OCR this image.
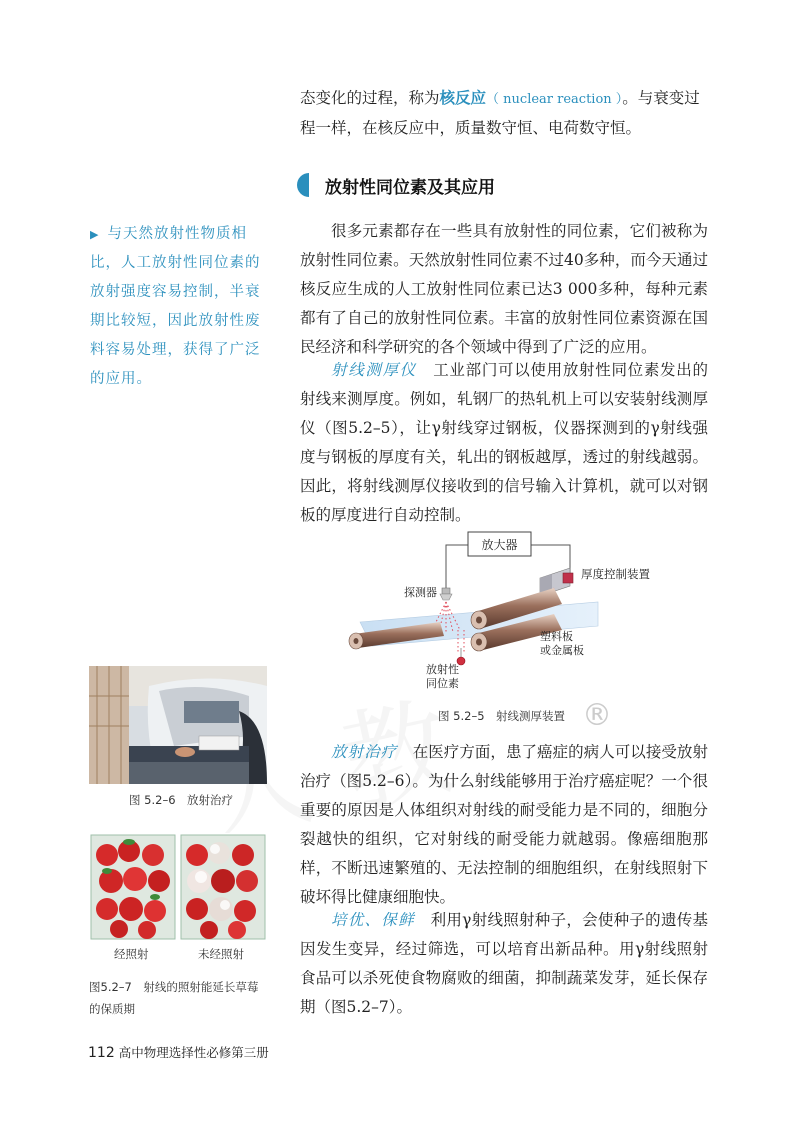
®

态变化的过程，称为核反应（ nuclear reaction ）。与衰变过

程一样，在核反应中，质量数守恒、电荷数守恒。

放射性同位素及其应用
▶ 与天然放射性物质相比，人工放射性同位素的放射强度容易控制，半衰期比较短，因此放射性废料容易处理，获得了广泛的应用。

很多元素都存在一些具有放射性的同位素，它们被称为放射性同位素。天然放射性同位素不过40多种，而今天通过核反应生成的人工放射性同位素已达3 000多种，每种元素都有了自己的放射性同位素。丰富的放射性同位素资源在国民经济和科学研究的各个领域中得到了广泛的应用。

射线测厚仪　 工业部门可以使用放射性同位素发出的射线来测厚度。例如，轧钢厂的热轧机上可以安装射线测厚仪（图5.2–5），让γ射线穿过钢板，仪器探测到的γ射线强度与钢板的厚度有关，轧出的钢板越厚，透过的射线越弱。因此，将射线测厚仪接收到的信号输入计算机，就可以对钢板的厚度进行自动控制。

放大器
厚度控制装置
探测器
塑料板
或金属板
放射性
同位素
图 5.2–5　射线测厚装置
图 5.2–6　放射治疗
经照射	未经照射
图5.2–7　射线的照射能延长草莓
的保质期

放射治疗　 在医疗方面，患了癌症的病人可以接受放射治疗（图5.2–6）。为什么射线能够用于治疗癌症呢？一个很重要的原因是人体组织对射线的耐受能力是不同的，细胞分裂越快的组织，它对射线的耐受能力就越弱。像癌细胞那样，不断迅速繁殖的、无法控制的细胞组织，在射线照射下破坏得比健康细胞快。

培优、保鲜　 利用γ射线照射种子，会使种子的遗传基因发生变异，经过筛选，可以培育出新品种。用γ射线照射食品可以杀死使食物腐败的细菌，抑制蔬菜发芽，延长保存期（图5.2–7）。

112 高中物理选择性必修第三册
